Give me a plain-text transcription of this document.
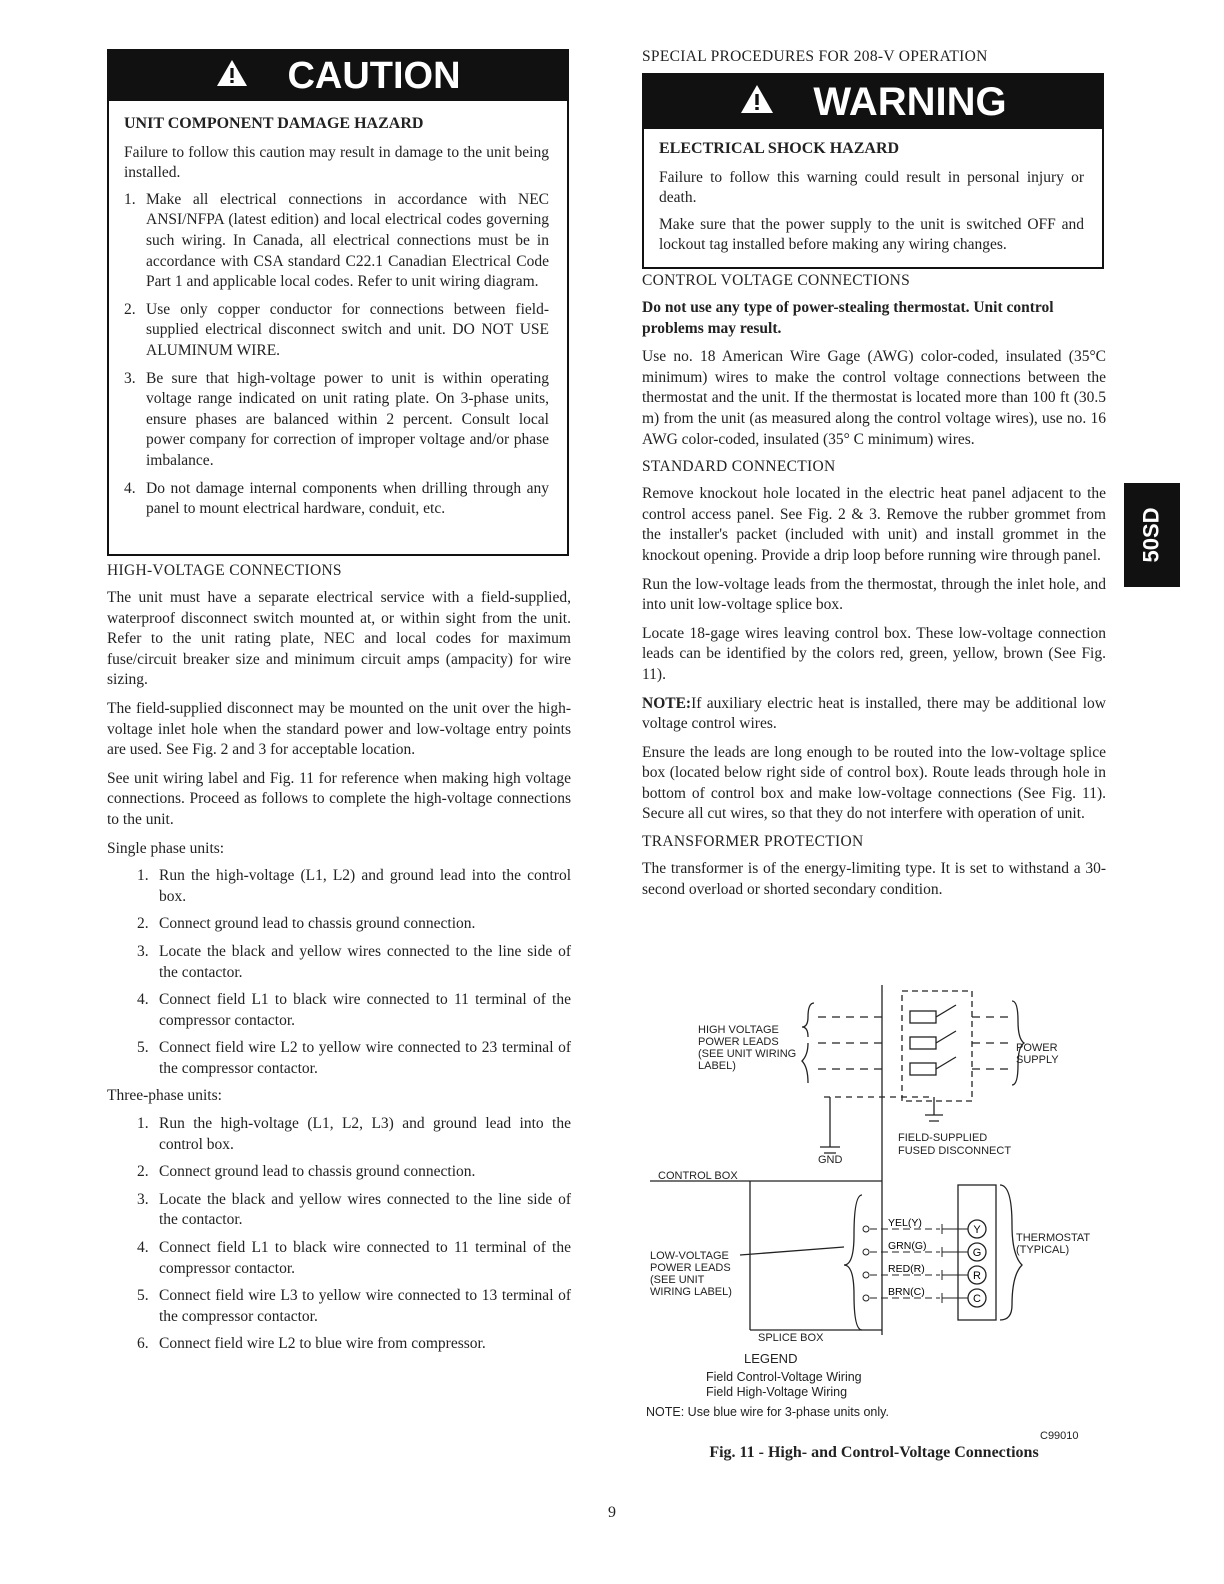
CAUTION

UNIT COMPONENT DAMAGE HAZARD

Failure to follow this caution may result in damage to the unit being installed.

1. Make all electrical connections in accordance with NEC ANSI/NFPA (latest edition) and local electrical codes governing such wiring. In Canada, all electrical connections must be in accordance with CSA standard C22.1 Canadian Electrical Code Part 1 and applicable local codes. Refer to unit wiring diagram.
2. Use only copper conductor for connections between field-supplied electrical disconnect switch and unit. DO NOT USE ALUMINUM WIRE.
3. Be sure that high-voltage power to unit is within operating voltage range indicated on unit rating plate. On 3-phase units, ensure phases are balanced within 2 percent. Consult local power company for correction of improper voltage and/or phase imbalance.
4. Do not damage internal components when drilling through any panel to mount electrical hardware, conduit, etc.

HIGH-VOLTAGE CONNECTIONS

The unit must have a separate electrical service with a field-supplied, waterproof disconnect switch mounted at, or within sight from the unit. Refer to the unit rating plate, NEC and local codes for maximum fuse/circuit breaker size and minimum circuit amps (ampacity) for wire sizing.

The field-supplied disconnect may be mounted on the unit over the high-voltage inlet hole when the standard power and low-voltage entry points are used. See Fig. 2 and 3 for acceptable location.

See unit wiring label and Fig. 11 for reference when making high voltage connections. Proceed as follows to complete the high-voltage connections to the unit.

Single phase units:

1. Run the high-voltage (L1, L2) and ground lead into the control box.
2. Connect ground lead to chassis ground connection.
3. Locate the black and yellow wires connected to the line side of the contactor.
4. Connect field L1 to black wire connected to 11 terminal of the compressor contactor.
5. Connect field wire L2 to yellow wire connected to 23 terminal of the compressor contactor.

Three-phase units:

1. Run the high-voltage (L1, L2, L3) and ground lead into the control box.
2. Connect ground lead to chassis ground connection.
3. Locate the black and yellow wires connected to the line side of the contactor.
4. Connect field L1 to black wire connected to 11 terminal of the compressor contactor.
5. Connect field wire L3 to yellow wire connected to 13 terminal of the compressor contactor.
6. Connect field wire L2 to blue wire from compressor.

SPECIAL PROCEDURES FOR 208-V OPERATION

WARNING

ELECTRICAL SHOCK HAZARD

Failure to follow this warning could result in personal injury or death.

Make sure that the power supply to the unit is switched OFF and lockout tag installed before making any wiring changes.

CONTROL VOLTAGE CONNECTIONS

Do not use any type of power-stealing thermostat. Unit control problems may result.

Use no. 18 American Wire Gage (AWG) color-coded, insulated (35°C minimum) wires to make the control voltage connections between the thermostat and the unit. If the thermostat is located more than 100 ft (30.5 m) from the unit (as measured along the control voltage wires), use no. 16 AWG color-coded, insulated (35° C minimum) wires.

STANDARD CONNECTION

Remove knockout hole located in the electric heat panel adjacent to the control access panel. See Fig. 2 & 3. Remove the rubber grommet from the installer's packet (included with unit) and install grommet in the knockout opening. Provide a drip loop before running wire through panel.

Run the low-voltage leads from the thermostat, through the inlet hole, and into unit low-voltage splice box.

Locate 18-gage wires leaving control box. These low-voltage connection leads can be identified by the colors red, green, yellow, brown (See Fig. 11).

NOTE:If auxiliary electric heat is installed, there may be additional low voltage control wires.

Ensure the leads are long enough to be routed into the low-voltage splice box (located below right side of control box). Route leads through hole in bottom of control box and make low-voltage connections (See Fig. 11). Secure all cut wires, so that they do not interfere with operation of unit.

TRANSFORMER PROTECTION

The transformer is of the energy-limiting type. It is set to withstand a 30-second overload or shorted secondary condition.

YEL(Y)
Y
GRN(G)
G
RED(R)
R
BRN(C)
C
HIGH VOLTAGE
POWER LEADS
(SEE UNIT WIRING
LABEL)
POWER
SUPPLY
FIELD-SUPPLIED
FUSED DISCONNECT
GND
CONTROL BOX
LOW-VOLTAGE
POWER LEADS
(SEE UNIT
WIRING LABEL)
THERMOSTAT
(TYPICAL)
SPLICE BOX
LEGEND
Field Control-Voltage Wiring
Field High-Voltage Wiring
NOTE: Use blue wire for 3-phase units only.
C99010
Fig. 11 - High- and Control-Voltage Connections
50SD
9
